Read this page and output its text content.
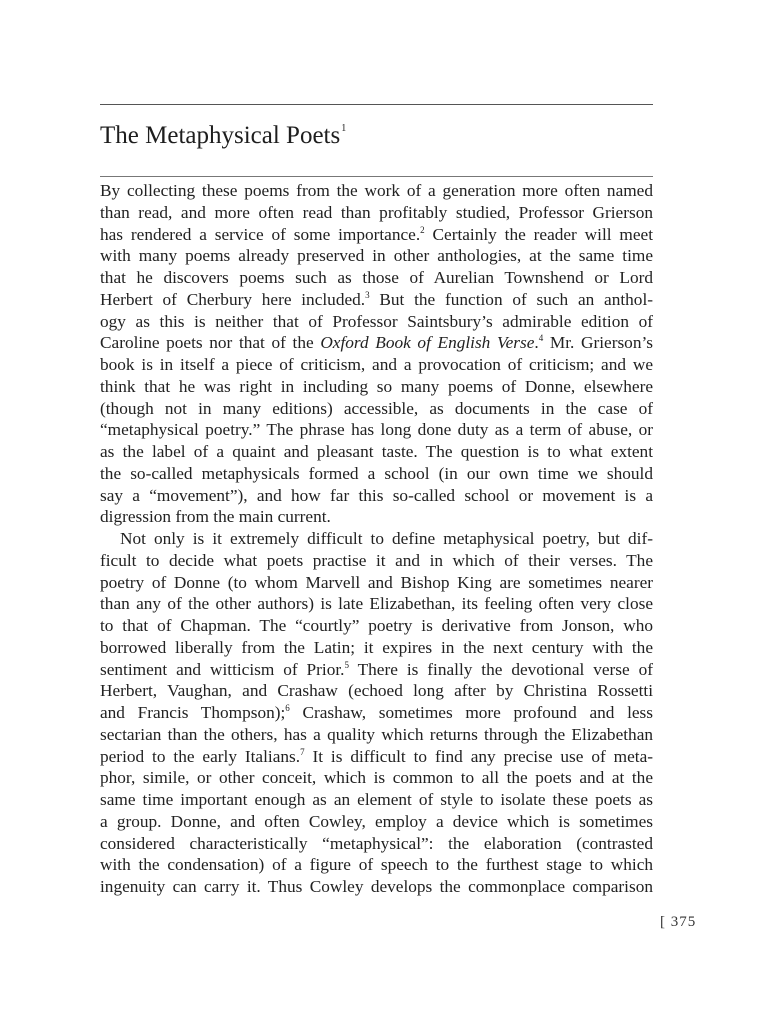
The Metaphysical Poets$^1$
By collecting these poems from the work of a generation more often named
than read, and more often read than profitably studied, Professor Grierson
has rendered a service of some importance.$^2$ Certainly the reader will meet
with many poems already preserved in other anthologies, at the same time
that he discovers poems such as those of Aurelian Townshend or Lord
Herbert of Cherbury here included.$^3$ But the function of such an anthol-
ogy as this is neither that of Professor Saintsbury’s admirable edition of
Caroline poets nor that of the Oxford Book of English Verse.$^4$ Mr. Grierson’s
book is in itself a piece of criticism, and a provocation of criticism; and we
think that he was right in including so many poems of Donne, elsewhere
(though not in many editions) accessible, as documents in the case of
“metaphysical poetry.” The phrase has long done duty as a term of abuse, or
as the label of a quaint and pleasant taste. The question is to what extent
the so-called metaphysicals formed a school (in our own time we should
say a “movement”), and how far this so-called school or movement is a
digression from the main current.
Not only is it extremely difficult to define metaphysical poetry, but dif-
ficult to decide what poets practise it and in which of their verses. The
poetry of Donne (to whom Marvell and Bishop King are sometimes nearer
than any of the other authors) is late Elizabethan, its feeling often very close
to that of Chapman. The “courtly” poetry is derivative from Jonson, who
borrowed liberally from the Latin; it expires in the next century with the
sentiment and witticism of Prior.$^5$ There is finally the devotional verse of
Herbert, Vaughan, and Crashaw (echoed long after by Christina Rossetti
and Francis Thompson);$^6$ Crashaw, sometimes more profound and less
sectarian than the others, has a quality which returns through the Elizabethan
period to the early Italians.$^7$ It is difficult to find any precise use of meta-
phor, simile, or other conceit, which is common to all the poets and at the
same time important enough as an element of style to isolate these poets as
a group. Donne, and often Cowley, employ a device which is sometimes
considered characteristically “metaphysical”: the elaboration (contrasted
with the condensation) of a figure of speech to the furthest stage to which
ingenuity can carry it. Thus Cowley develops the commonplace comparison
[ 375
